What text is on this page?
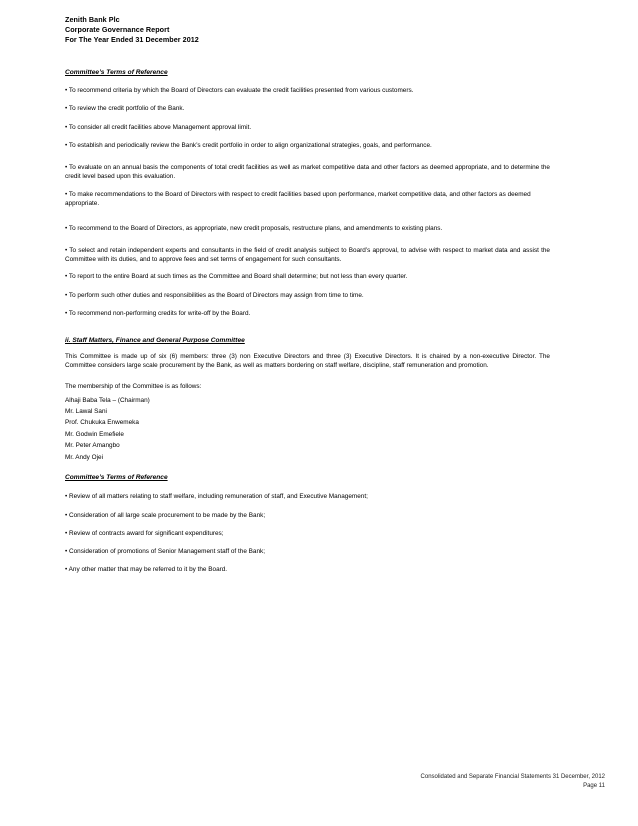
Zenith Bank Plc
Corporate Governance Report
For The Year Ended 31 December 2012
Committee’s Terms of Reference
• To recommend criteria by which the Board of Directors can evaluate the credit facilities presented from various customers.
• To review the credit portfolio of the Bank.
• To consider all credit facilities above Management approval limit.
• To establish and periodically review the Bank’s credit portfolio in order to align organizational strategies, goals, and performance.
• To evaluate on an annual basis the components of total credit facilities as well as market competitive data and other factors as deemed appropriate, and to determine the credit level based upon this evaluation.
• To make recommendations to the Board of Directors with respect to credit facilities based upon performance, market competitive data, and other factors as deemed appropriate.
• To recommend to the Board of Directors, as appropriate, new credit proposals, restructure plans, and amendments to existing plans.
• To select and retain independent experts and consultants in the field of credit analysis subject to Board’s approval, to advise with respect to market data and assist the Committee with its duties, and to approve fees and set terms of engagement for such consultants.
• To report to the entire Board at such times as the Committee and Board shall determine; but not less than every quarter.
• To perform such other duties and responsibilities as the Board of Directors may assign from time to time.
• To recommend non-performing credits for write-off by the Board.
ii. Staff Matters, Finance and General Purpose Committee
This Committee is made up of six (6) members: three (3) non Executive Directors and three (3) Executive Directors. It is chaired by a non-executive Director. The Committee considers large scale procurement by the Bank, as well as matters bordering on staff welfare, discipline, staff remuneration and promotion.
The membership of the Committee is as follows:
Alhaji Baba Tela – (Chairman)
Mr. Lawal Sani
Prof. Chukuka Enwemeka
Mr. Godwin Emefiele
Mr. Peter Amangbo
Mr. Andy Ojei
Committee’s Terms of Reference
• Review of all matters relating to staff welfare, including remuneration of staff, and Executive Management;
• Consideration of all large scale procurement to be made by the Bank;
• Review of contracts award for significant expenditures;
• Consideration of promotions of Senior Management staff of the Bank;
• Any other matter that may be referred to it by the Board.
Consolidated and Separate Financial Statements 31 December, 2012
Page 11
